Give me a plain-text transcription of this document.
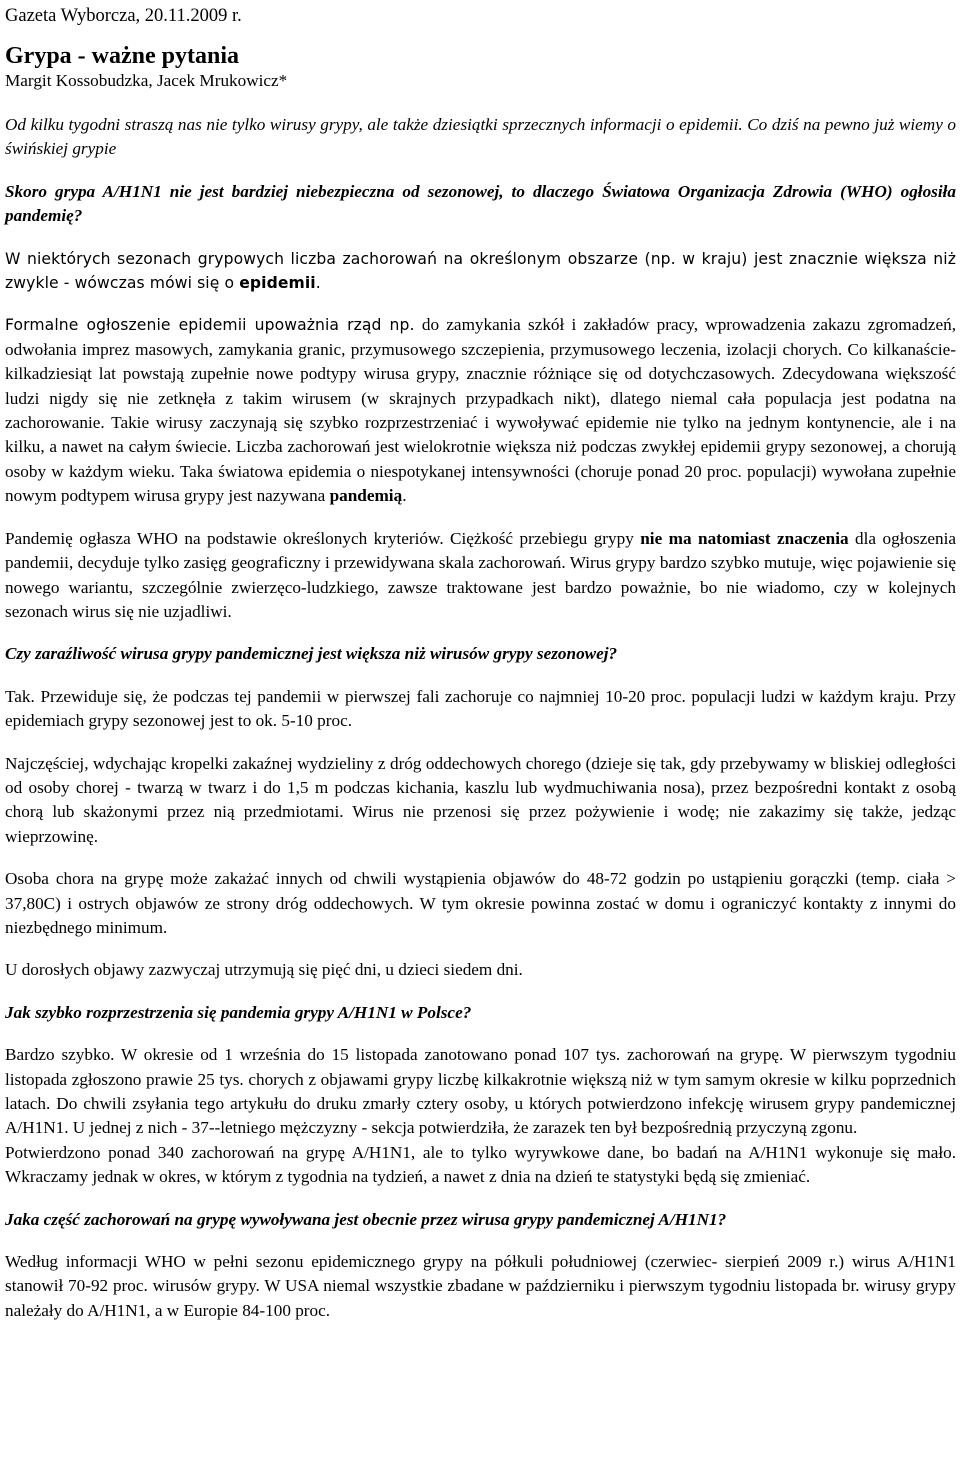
Gazeta Wyborcza, 20.11.2009 r.
Grypa - ważne pytania
Margit Kossobudzka, Jacek Mrukowicz*
Od kilku tygodni straszą nas nie tylko wirusy grypy, ale także dziesiątki sprzecznych informacji o epidemii. Co dziś na pewno już wiemy o świńskiej grypie
Skoro grypa A/H1N1 nie jest bardziej niebezpieczna od sezonowej, to dlaczego Światowa Organizacja Zdrowia (WHO) ogłosiła pandemię?

W niektórych sezonach grypowych liczba zachorowań na określonym obszarze (np. w kraju) jest znacznie większa niż zwykle - wówczas mówi się o epidemii.

Formalne ogłoszenie epidemii upoważnia rząd np. do zamykania szkół i zakładów pracy, wprowadzenia zakazu zgromadzeń, odwołania imprez masowych, zamykania granic, przymusowego szczepienia, przymusowego leczenia, izolacji chorych. Co kilkanaście-kilkadziesiąt lat powstają zupełnie nowe podtypy wirusa grypy, znacznie różniące się od dotychczasowych. Zdecydowana większość ludzi nigdy się nie zetknęła z takim wirusem (w skrajnych przypadkach nikt), dlatego niemal cała populacja jest podatna na zachorowanie. Takie wirusy zaczynają się szybko rozprzestrzeniać i wywoływać epidemie nie tylko na jednym kontynencie, ale i na kilku, a nawet na całym świecie. Liczba zachorowań jest wielokrotnie większa niż podczas zwykłej epidemii grypy sezonowej, a chorują osoby w każdym wieku. Taka światowa epidemia o niespotykanej intensywności (choruje ponad 20 proc. populacji) wywołana zupełnie nowym podtypem wirusa grypy jest nazywana pandemią.

Pandemię ogłasza WHO na podstawie określonych kryteriów. Ciężkość przebiegu grypy nie ma natomiast znaczenia dla ogłoszenia pandemii, decyduje tylko zasięg geograficzny i przewidywana skala zachorowań. Wirus grypy bardzo szybko mutuje, więc pojawienie się nowego wariantu, szczególnie zwierzęco-ludzkiego, zawsze traktowane jest bardzo poważnie, bo nie wiadomo, czy w kolejnych sezonach wirus się nie uzjadliwi.

Czy zaraźliwość wirusa grypy pandemicznej jest większa niż wirusów grypy sezonowej?

Tak. Przewiduje się, że podczas tej pandemii w pierwszej fali zachoruje co najmniej 10-20 proc. populacji ludzi w każdym kraju. Przy epidemiach grypy sezonowej jest to ok. 5-10 proc.

Najczęściej, wdychając kropelki zakaźnej wydzieliny z dróg oddechowych chorego (dzieje się tak, gdy przebywamy w bliskiej odległości od osoby chorej - twarzą w twarz i do 1,5 m podczas kichania, kaszlu lub wydmuchiwania nosa), przez bezpośredni kontakt z osobą chorą lub skażonymi przez nią przedmiotami. Wirus nie przenosi się przez pożywienie i wodę; nie zakazimy się także, jedząc wieprzowinę.

Osoba chora na grypę może zakażać innych od chwili wystąpienia objawów do 48-72 godzin po ustąpieniu gorączki (temp. ciała > 37,80C) i ostrych objawów ze strony dróg oddechowych. W tym okresie powinna zostać w domu i ograniczyć kontakty z innymi do niezbędnego minimum.

U dorosłych objawy zazwyczaj utrzymują się pięć dni, u dzieci siedem dni.

Jak szybko rozprzestrzenia się pandemia grypy A/H1N1 w Polsce?

Bardzo szybko. W okresie od 1 września do 15 listopada zanotowano ponad 107 tys. zachorowań na grypę. W pierwszym tygodniu listopada zgłoszono prawie 25 tys. chorych z objawami grypy liczbę kilkakrotnie większą niż w tym samym okresie w kilku poprzednich latach. Do chwili zsyłania tego artykułu do druku zmarły cztery osoby, u których potwierdzono infekcję wirusem grypy pandemicznej A/H1N1. U jednej z nich - 37--letniego mężczyzny - sekcja potwierdziła, że zarazek ten był bezpośrednią przyczyną zgonu.

Potwierdzono ponad 340 zachorowań na grypę A/H1N1, ale to tylko wyrywkowe dane, bo badań na A/H1N1 wykonuje się mało. Wkraczamy jednak w okres, w którym z tygodnia na tydzień, a nawet z dnia na dzień te statystyki będą się zmieniać.

Jaka część zachorowań na grypę wywoływana jest obecnie przez wirusa grypy pandemicznej A/H1N1?

Według informacji WHO w pełni sezonu epidemicznego grypy na półkuli południowej (czerwiec- sierpień 2009 r.) wirus A/H1N1 stanowił 70-92 proc. wirusów grypy. W USA niemal wszystkie zbadane w październiku i pierwszym tygodniu listopada br. wirusy grypy należały do A/H1N1, a w Europie 84-100 proc.
